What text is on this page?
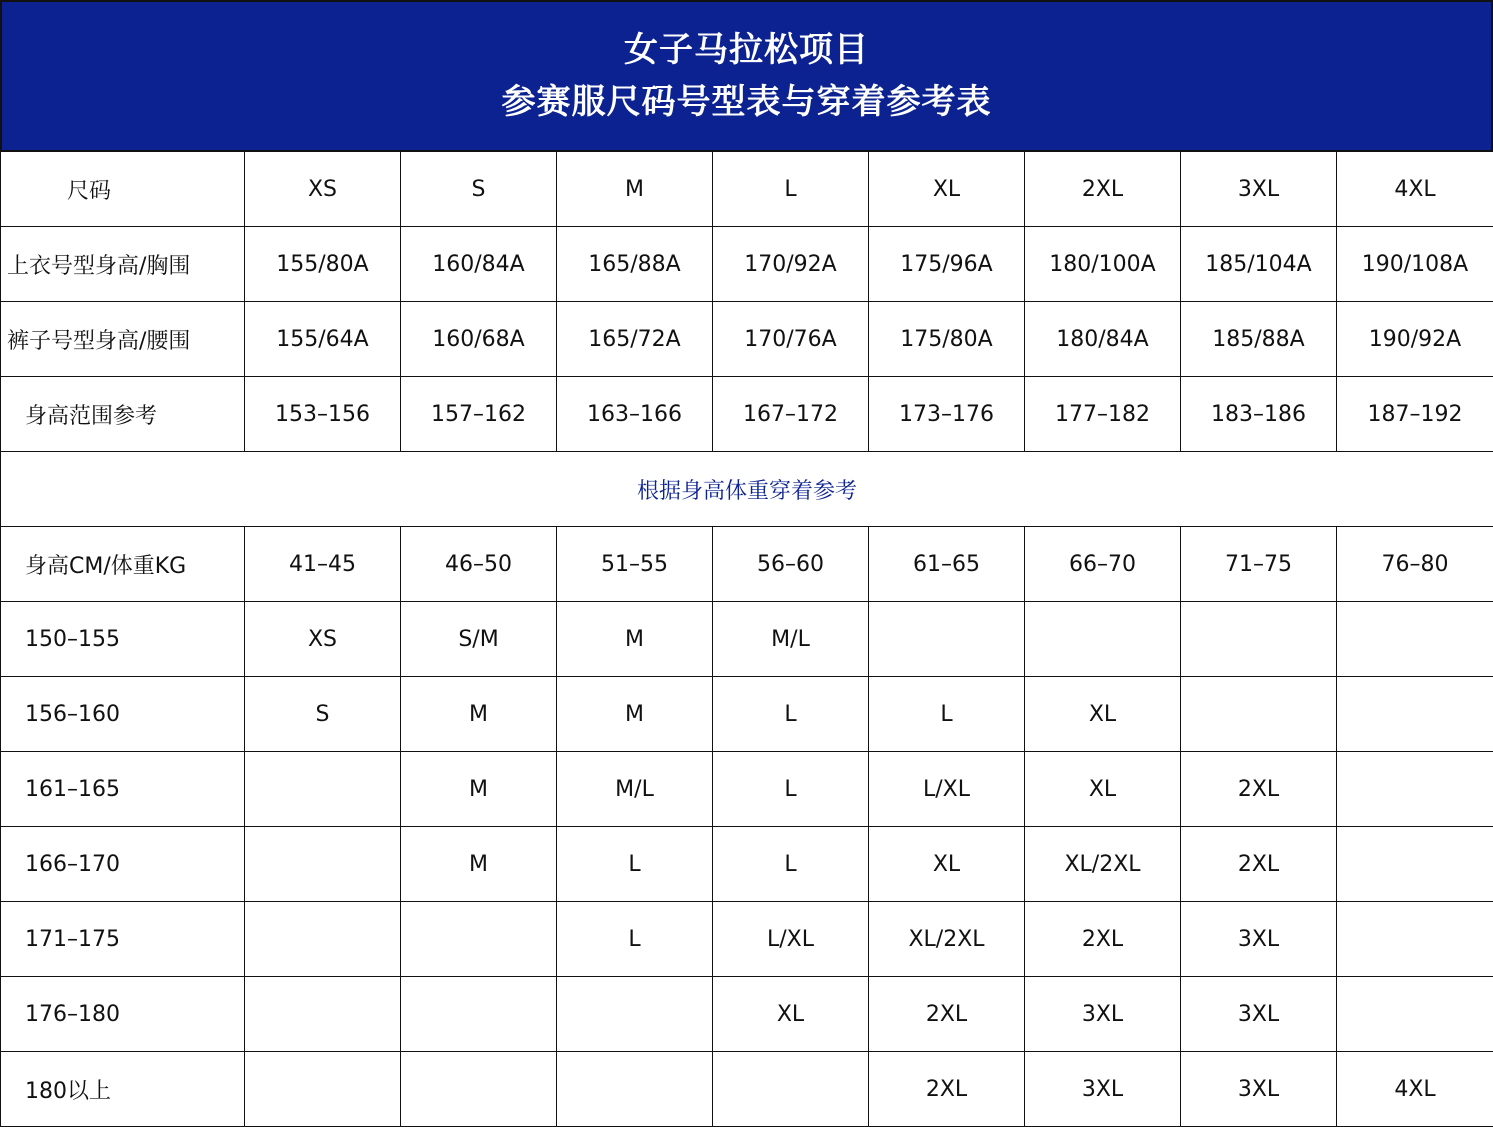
女子马拉松项目
参赛服尺码号型表与穿着参考表
尺码	XS	S	M	L	XL	2XL	3XL	4XL
上衣号型身高/胸围	155/80A	160/84A	165/88A	170/92A	175/96A	180/100A	185/104A	190/108A
裤子号型身高/腰围	155/64A	160/68A	165/72A	170/76A	175/80A	180/84A	185/88A	190/92A
身高范围参考	153–156	157–162	163–166	167–172	173–176	177–182	183–186	187–192
根据身高体重穿着参考								
身高CM/体重KG	41–45	46–50	51–55	56–60	61–65	66–70	71–75	76–80
150–155	XS	S/M	M	M/L				
156–160	S	M	M	L	L	XL		
161–165		M	M/L	L	L/XL	XL	2XL	
166–170		M	L	L	XL	XL/2XL	2XL	
171–175			L	L/XL	XL/2XL	2XL	3XL	
176–180				XL	2XL	3XL	3XL	
180以上					2XL	3XL	3XL	4XL
